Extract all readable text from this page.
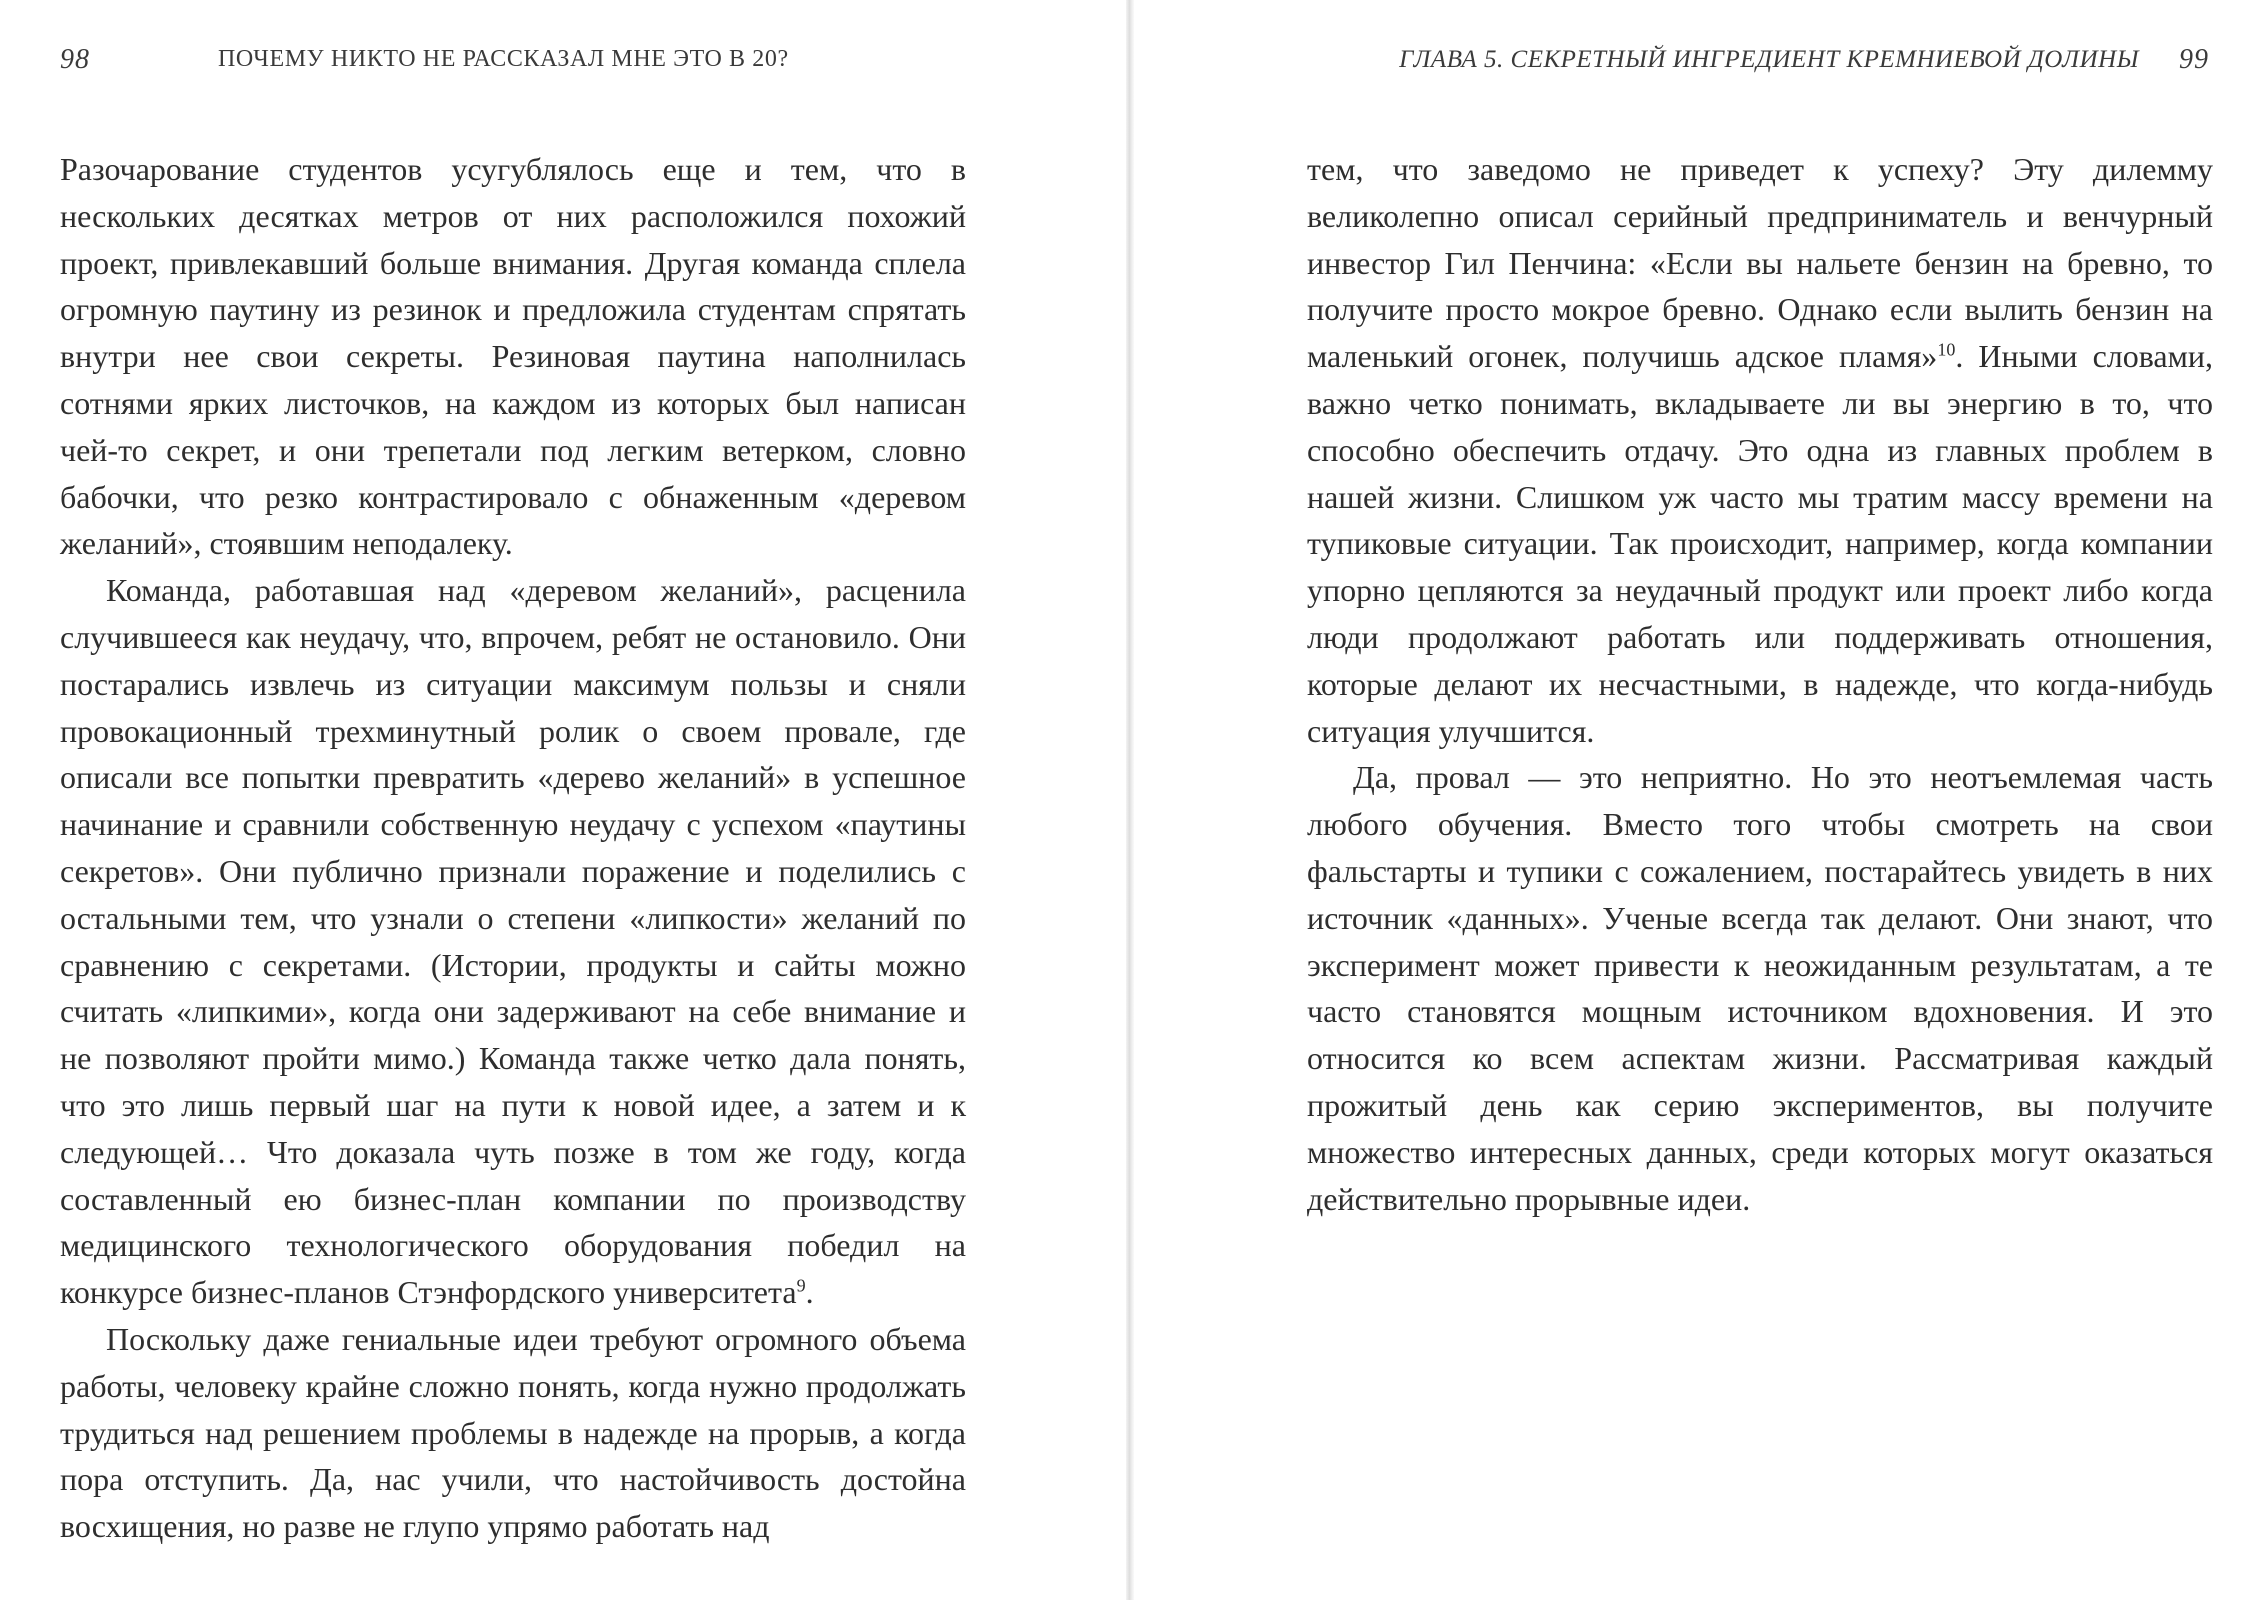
98	ПОЧЕМУ НИКТО НЕ РАССКАЗАЛ МНЕ ЭТО В 20?

Разочарование студентов усугублялось еще и тем, что в нескольких десятках метров от них расположился похожий проект, привлекавший больше внимания. Другая команда сплела огромную паутину из резинок и предложила студентам спрятать внутри нее свои секреты. Резиновая паутина наполнилась сотнями ярких листочков, на каждом из которых был написан чей-то секрет, и они трепетали под легким ветерком, словно бабочки, что резко контрастировало с обнаженным «деревом желаний», стоявшим неподалеку.

Команда, работавшая над «деревом желаний», расценила случившееся как неудачу, что, впрочем, ребят не остановило. Они постарались извлечь из ситуации максимум пользы и сняли провокационный трехминутный ролик о своем провале, где описали все попытки превратить «дерево желаний» в успешное начинание и сравнили собственную неудачу с успехом «паутины секретов». Они публично признали поражение и поделились с остальными тем, что узнали о степени «липкости» желаний по сравнению с секретами. (Истории, продукты и сайты можно считать «липкими», когда они задерживают на себе внимание и не позволяют пройти мимо.) Команда также четко дала понять, что это лишь первый шаг на пути к новой идее, а затем и к следующей… Что доказала чуть позже в том же году, когда составленный ею бизнес-план компании по производству медицинского технологического оборудования победил на конкурсе бизнес-планов Стэнфордского университета$^9$.

Поскольку даже гениальные идеи требуют огромного объема работы, человеку крайне сложно понять, когда нужно продолжать трудиться над решением проблемы в надежде на прорыв, а когда пора отступить. Да, нас учили, что настойчивость достойна восхищения, но разве не глупо упрямо работать над

ГЛАВА 5. СЕКРЕТНЫЙ ИНГРЕДИЕНТ КРЕМНИЕВОЙ ДОЛИНЫ 99

тем, что заведомо не приведет к успеху? Эту дилемму великолепно описал серийный предприниматель и венчурный инвестор Гил Пенчина: «Если вы нальете бензин на бревно, то получите просто мокрое бревно. Однако если вылить бензин на маленький огонек, получишь адское пламя»$^{10}$. Иными словами, важно четко понимать, вкладываете ли вы энергию в то, что способно обеспечить отдачу. Это одна из главных проблем в нашей жизни. Слишком уж часто мы тратим массу времени на тупиковые ситуации. Так происходит, например, когда компании упорно цепляются за неудачный продукт или проект либо когда люди продолжают работать или поддерживать отношения, которые делают их несчастными, в надежде, что когда-нибудь ситуация улучшится.

Да, провал — это неприятно. Но это неотъемлемая часть любого обучения. Вместо того чтобы смотреть на свои фальстарты и тупики с сожалением, постарайтесь увидеть в них источник «данных». Ученые всегда так делают. Они знают, что эксперимент может привести к неожиданным результатам, а те часто становятся мощным источником вдохновения. И это относится ко всем аспектам жизни. Рассматривая каждый прожитый день как серию экспериментов, вы получите множество интересных данных, среди которых могут оказаться действительно прорывные идеи.
